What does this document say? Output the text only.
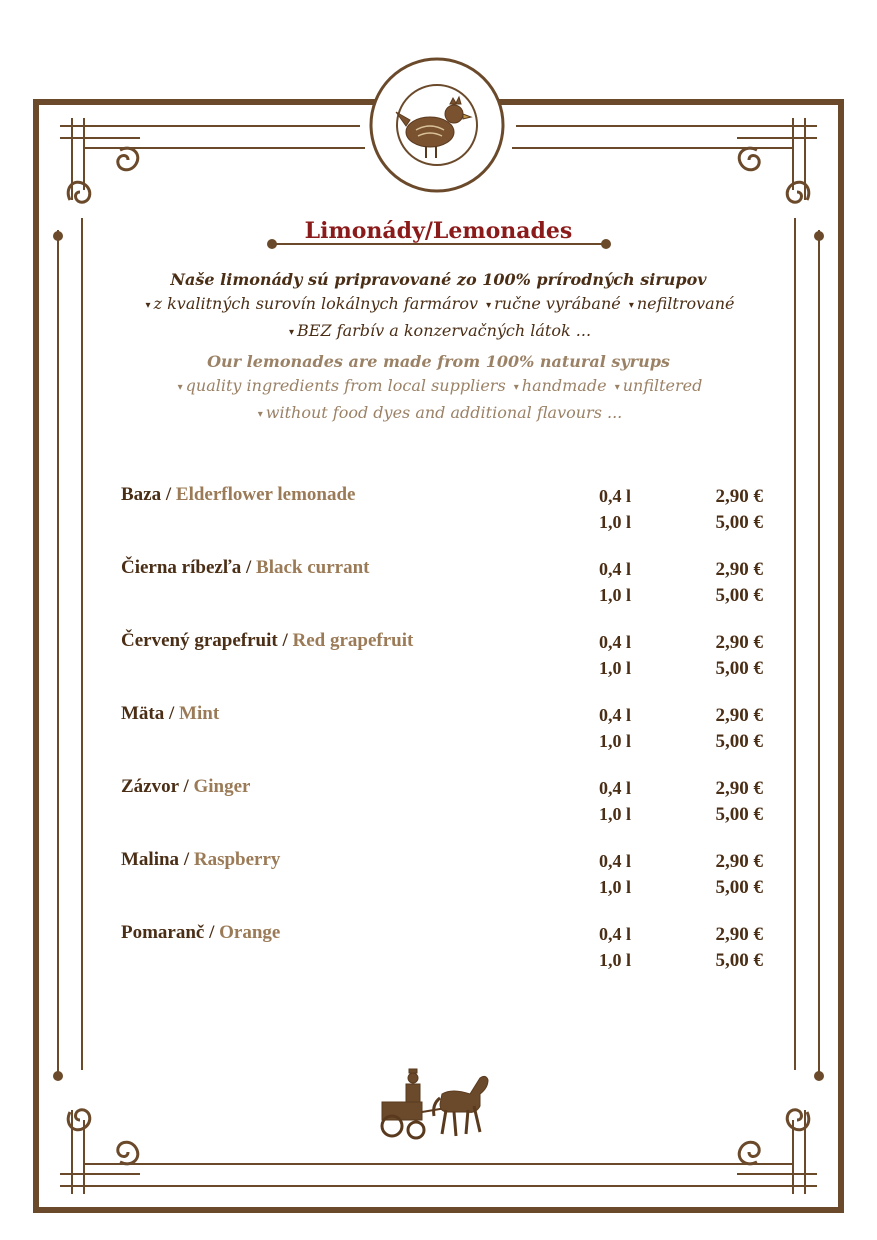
Limonády/Lemonades
Naše limonády sú pripravované zo 100% prírodných sirupov
▾ z kvalitných surovín lokálnych farmárov ▾ ručne vyrábané ▾ nefiltrované
▾ BEZ farbív a konzervačných látok ...
Our lemonades are made from 100% natural syrups
▾ quality ingredients from local suppliers ▾ handmade ▾ unfiltered
▾ without food dyes and additional flavours ...
Baza / Elderflower lemonade	0,4 l	2,90 €
1,0 l	5,00 €
Čierna ríbezľa / Black currant	0,4 l	2,90 €
1,0 l	5,00 €
Červený grapefruit / Red grapefruit	0,4 l	2,90 €
1,0 l	5,00 €
Mäta / Mint	0,4 l	2,90 €
1,0 l	5,00 €
Zázvor / Ginger	0,4 l	2,90 €
1,0 l	5,00 €
Malina / Raspberry	0,4 l	2,90 €
1,0 l	5,00 €
Pomaranč / Orange	0,4 l	2,90 €
1,0 l	5,00 €
